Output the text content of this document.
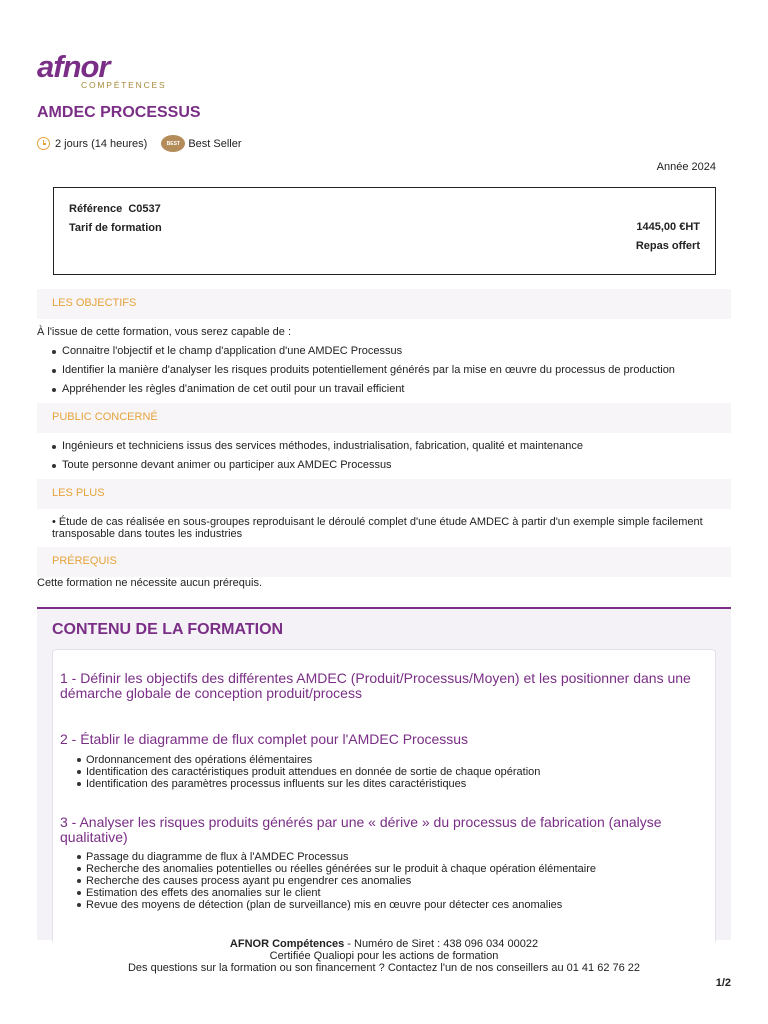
afnor
COMPÉTENCES
AMDEC PROCESSUS
2 jours (14 heures)	BEST Best Seller
Année 2024
Référence C0537
Tarif de formation	1445,00 €HT
Repas offert
LES OBJECTIFS
À l'issue de cette formation, vous serez capable de :
Connaitre l'objectif et le champ d'application d'une AMDEC Processus
Identifier la manière d'analyser les risques produits potentiellement générés par la mise en œuvre du processus de production
Appréhender les règles d'animation de cet outil pour un travail efficient
PUBLIC CONCERNÉ
Ingénieurs et techniciens issus des services méthodes, industrialisation, fabrication, qualité et maintenance
Toute personne devant animer ou participer aux AMDEC Processus
LES PLUS
• Étude de cas réalisée en sous-groupes reproduisant le déroulé complet d'une étude AMDEC à partir d'un exemple simple facilement transposable dans toutes les industries
PRÉREQUIS
Cette formation ne nécessite aucun prérequis.
CONTENU DE LA FORMATION
1 - Définir les objectifs des différentes AMDEC (Produit/Processus/Moyen) et les positionner dans une démarche globale de conception produit/process
2 - Établir le diagramme de flux complet pour l'AMDEC Processus
Ordonnancement des opérations élémentaires
Identification des caractéristiques produit attendues en donnée de sortie de chaque opération
Identification des paramètres processus influents sur les dites caractéristiques
3 - Analyser les risques produits générés par une « dérive » du processus de fabrication (analyse qualitative)
Passage du diagramme de flux à l'AMDEC Processus
Recherche des anomalies potentielles ou réelles générées sur le produit à chaque opération élémentaire
Recherche des causes process ayant pu engendrer ces anomalies
Estimation des effets des anomalies sur le client
Revue des moyens de détection (plan de surveillance) mis en œuvre pour détecter ces anomalies
AFNOR Compétences - Numéro de Siret : 438 096 034 00022
Certifiée Qualiopi pour les actions de formation
Des questions sur la formation ou son financement ? Contactez l'un de nos conseillers au 01 41 62 76 22
1/2
